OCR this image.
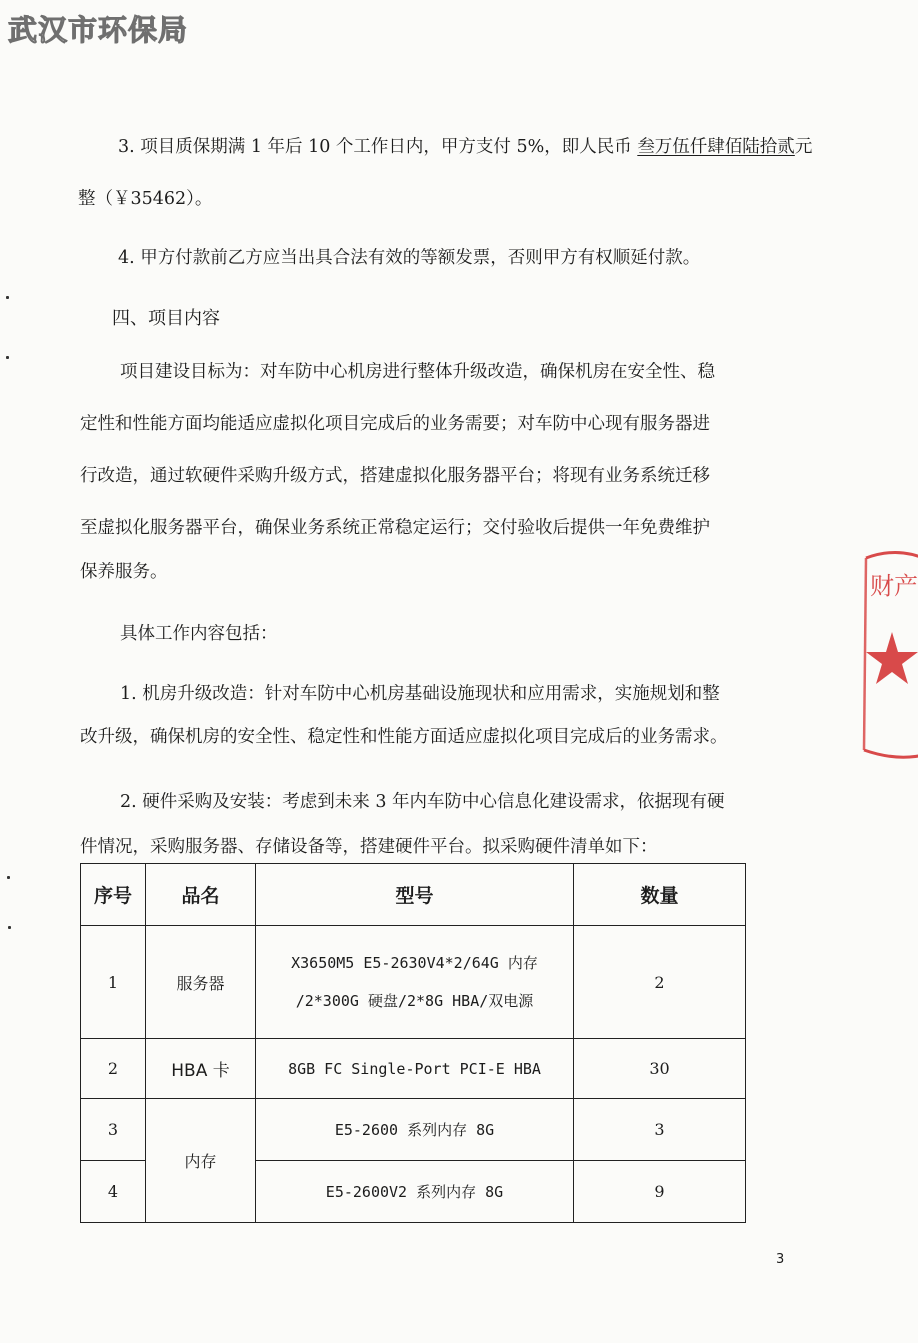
武汉市环保局
3. 项目质保期满 1 年后 10 个工作日内，甲方支付 5%，即人民币 叁万伍仟肆佰陆拾贰元
整（￥35462）。
4. 甲方付款前乙方应当出具合法有效的等额发票，否则甲方有权顺延付款。
四、项目内容
项目建设目标为：对车防中心机房进行整体升级改造，确保机房在安全性、稳
定性和性能方面均能适应虚拟化项目完成后的业务需要；对车防中心现有服务器进
行改造，通过软硬件采购升级方式，搭建虚拟化服务器平台；将现有业务系统迁移
至虚拟化服务器平台，确保业务系统正常稳定运行；交付验收后提供一年免费维护
保养服务。
具体工作内容包括：
1. 机房升级改造：针对车防中心机房基础设施现状和应用需求，实施规划和整
改升级，确保机房的安全性、稳定性和性能方面适应虚拟化项目完成后的业务需求。
2. 硬件采购及安装：考虑到未来 3 年内车防中心信息化建设需求，依据现有硬
件情况，采购服务器、存储设备等，搭建硬件平台。拟采购硬件清单如下：
序号	品名	型号	数量
1	服务器	X3650M5 E5-2630V4*2/64G 内存
/2*300G 硬盘/2*8G HBA/双电源	2
2	HBA 卡	8GB FC Single-Port PCI-E HBA	30
3	内存	E5-2600 系列内存 8G	3
4		E5-2600V2 系列内存 8G	9
财产
3
